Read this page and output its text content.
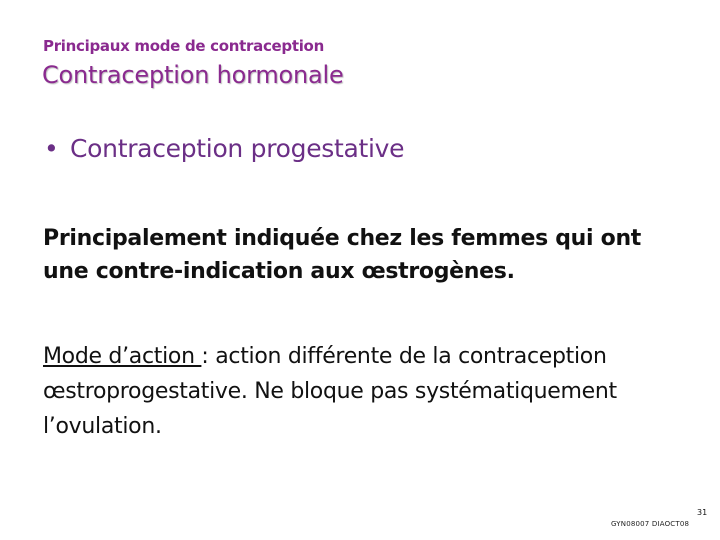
Principaux mode de contraception
Contraception hormonale
• Contraception progestative
Principalement indiquée chez les femmes qui ont une contre-indication aux œstrogènes.
Mode d’action : action différente de la contraception œstroprogestative. Ne bloque pas systématiquement l’ovulation.
GYN08007 DIAOCT08
31
